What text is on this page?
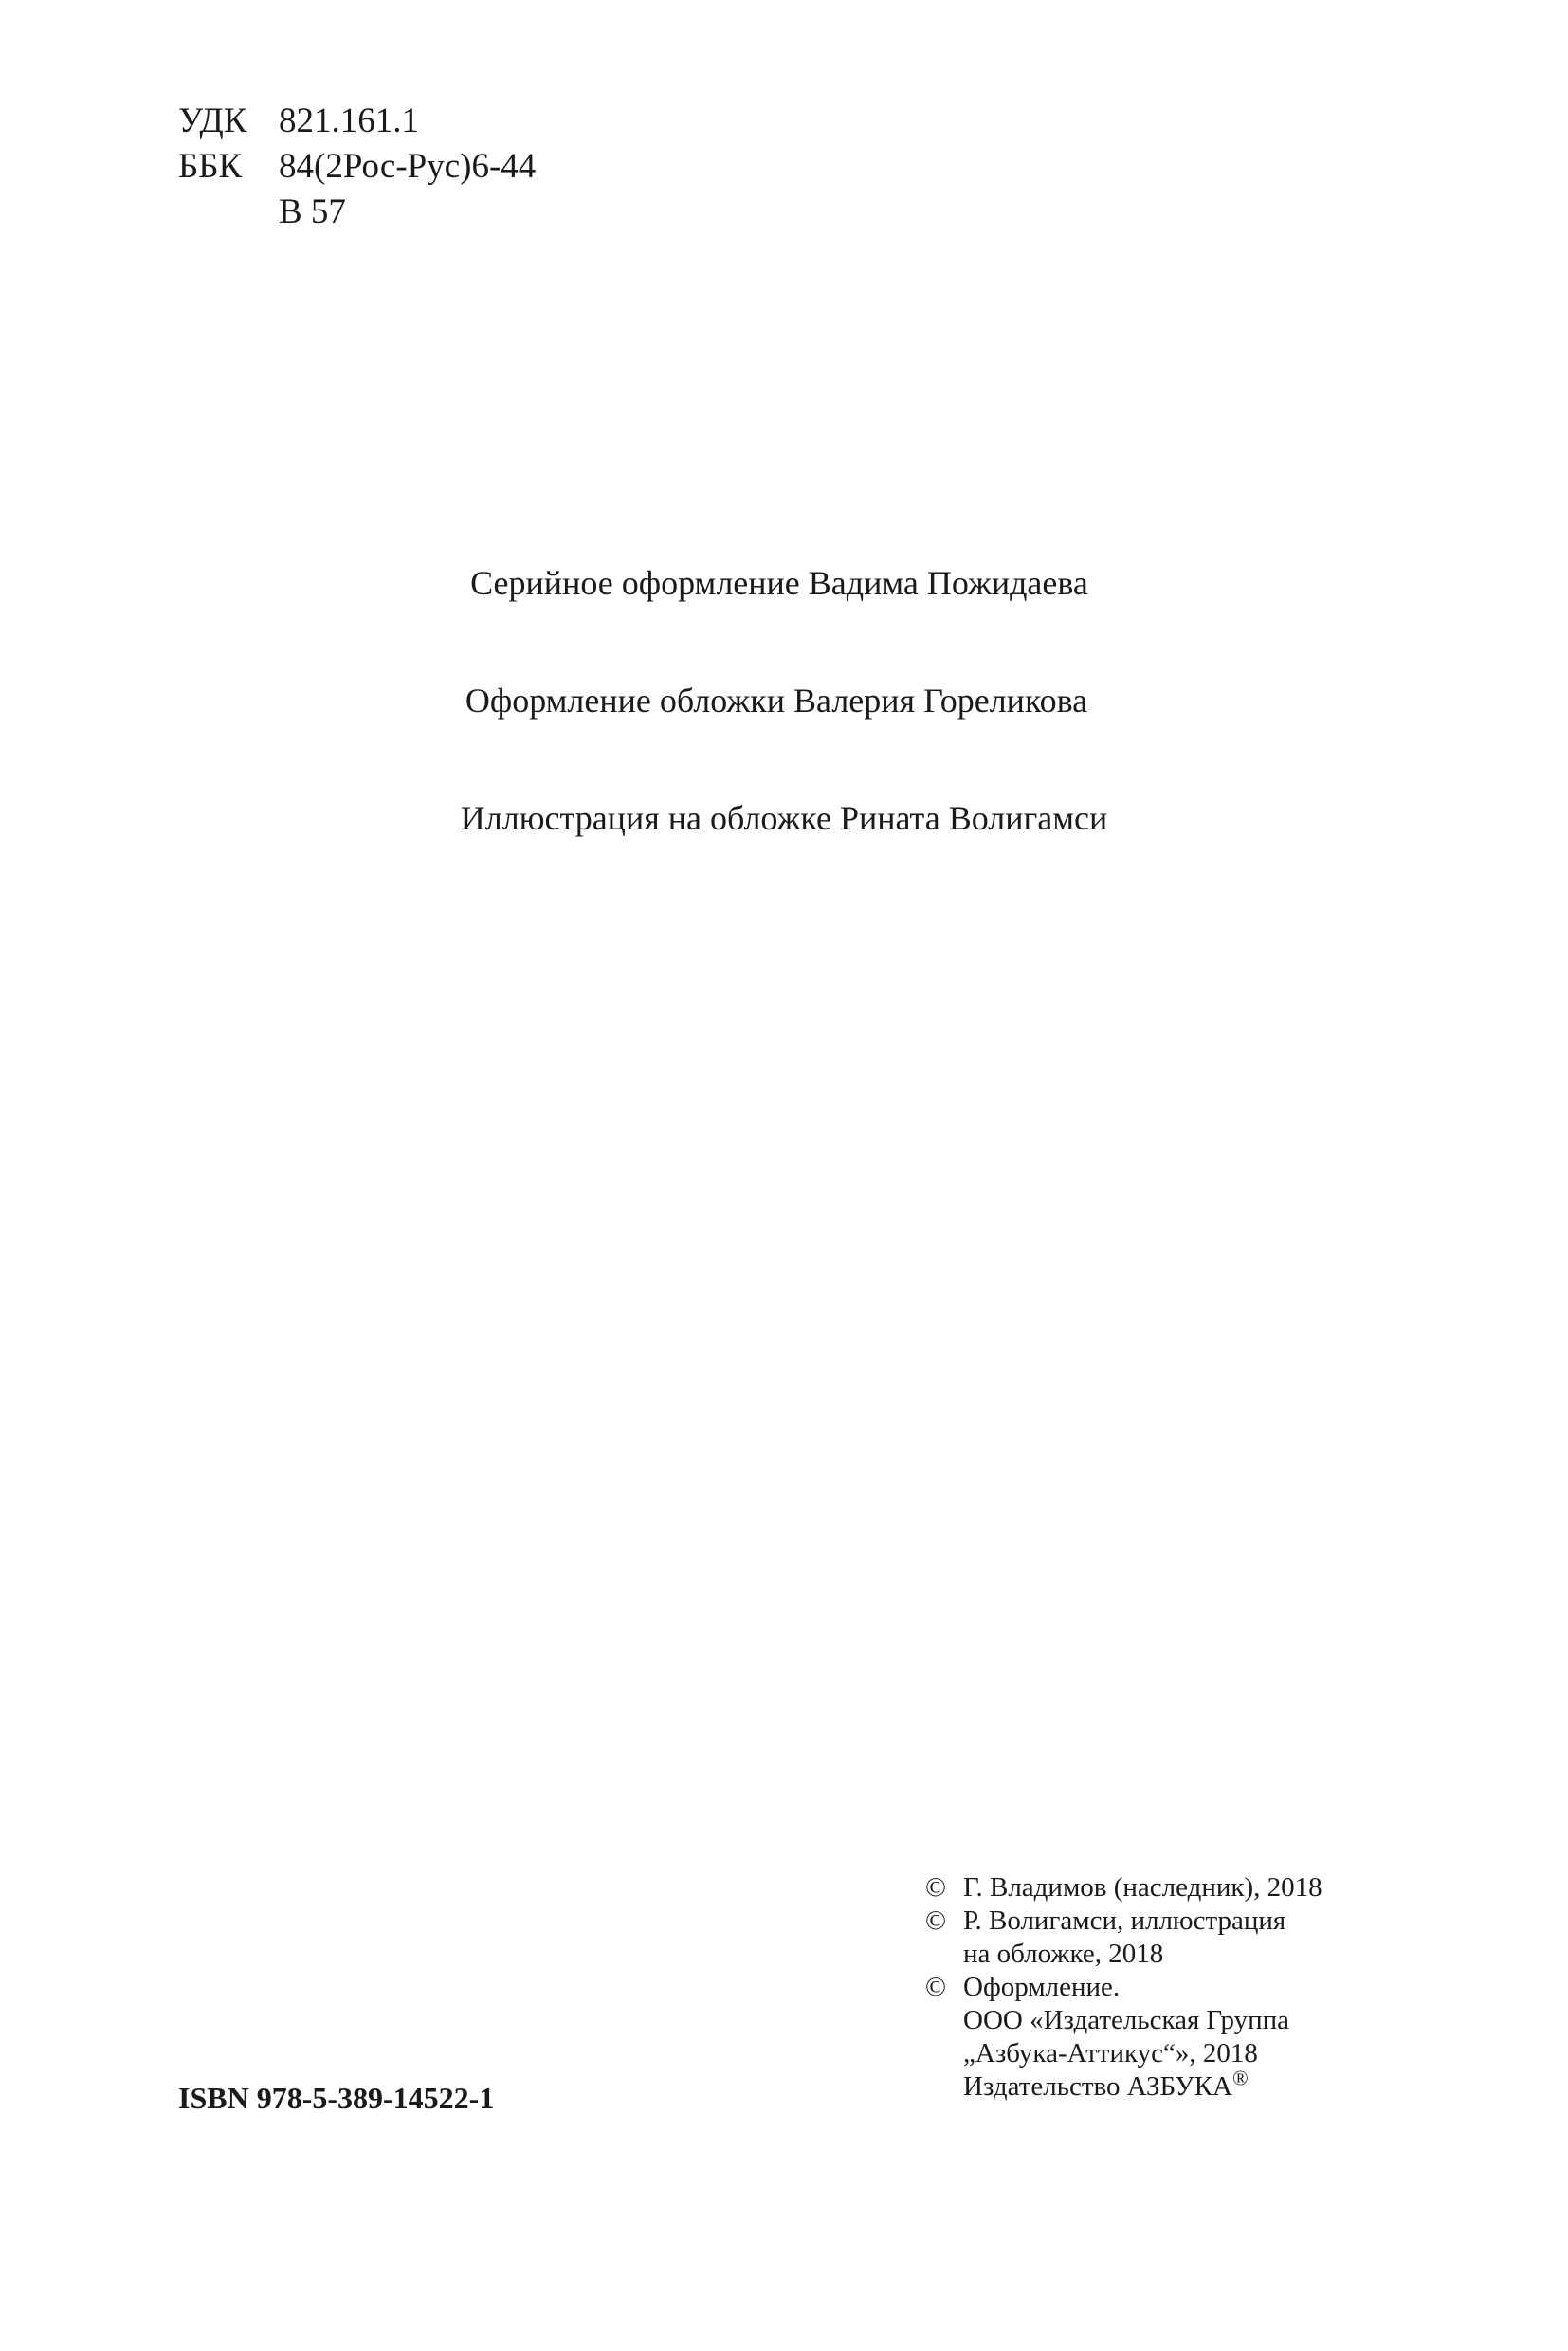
УДК 821.161.1
ББК	84(2Рос-Рус)6-44
В 57
Серийное оформление Вадима Пожидаева
Оформление обложки Валерия Гореликова
Иллюстрация на обложке Рината Волигамси
ISBN 978-5-389-14522-1
© Г. Владимов (наследник), 2018
© Р. Волигамси, иллюстрация
на обложке, 2018
© Оформление.
ООО «Издательская Группа
„Азбука-Аттикус“», 2018
Издательство АЗБУКА®
